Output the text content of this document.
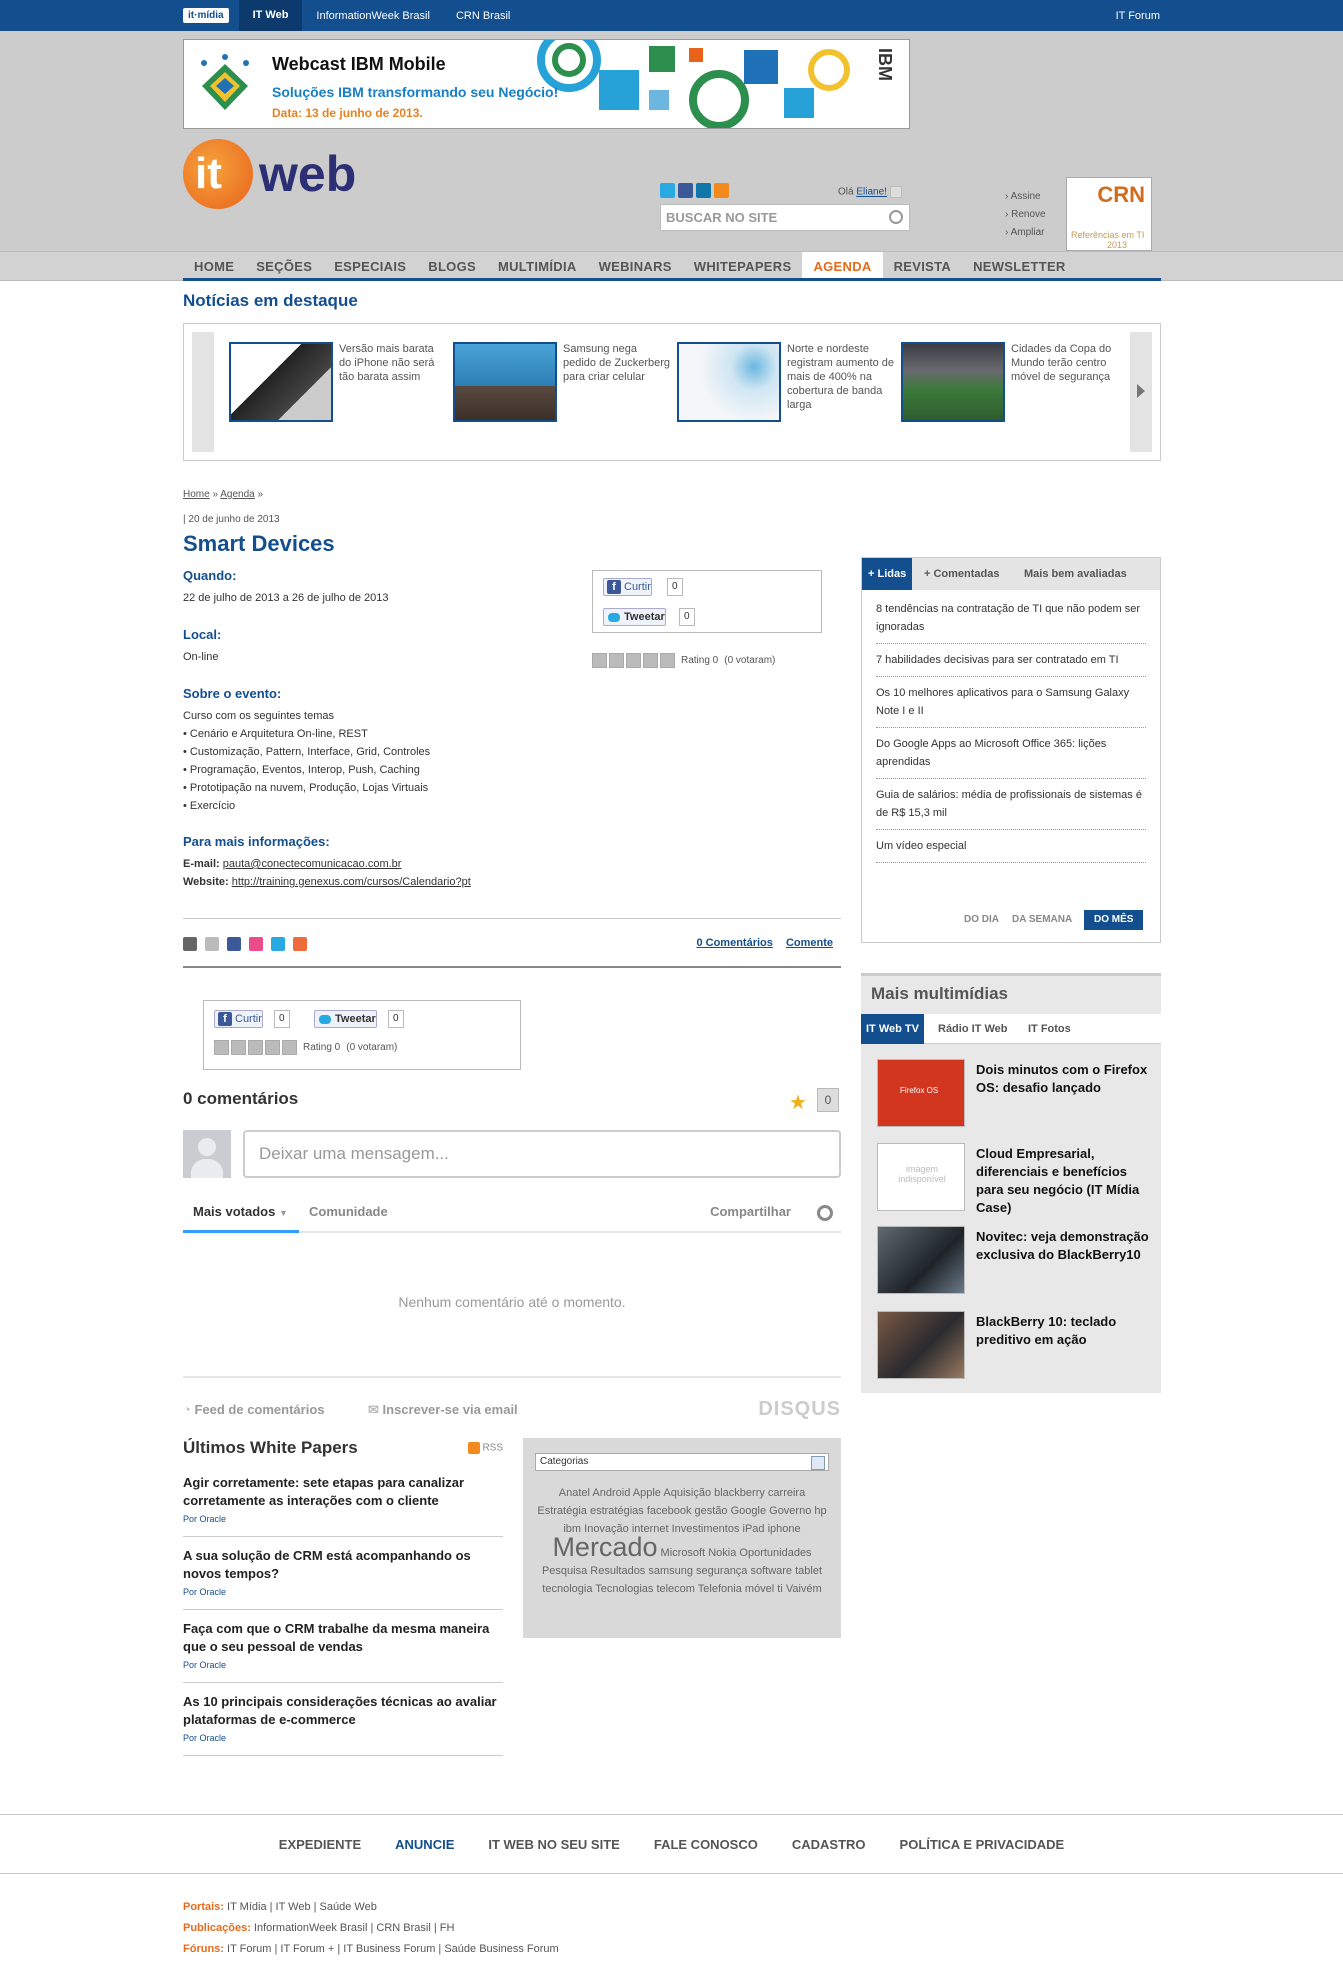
it·mídia	IT Web	InformationWeek Brasil CRN Brasil	IT Forum
Webcast IBM Mobile
Soluções IBM transformando seu Negócio!
Data: 13 de junho de 2013.
IBM
it web	Olá Eliane!
BUSCAR NO SITE
› Assine
› Renove
› Ampliar
CRN
Referências em TI
2013
HOME	SEÇÕES	ESPECIAIS	BLOGS	MULTIMÍDIA	WEBINARS	WHITEPAPERS	AGENDA	REVISTA	NEWSLETTER
Notícias em destaque
Versão mais barata do iPhone não será tão barata assim
Samsung nega pedido de Zuckerberg para criar celular
Norte e nordeste registram aumento de mais de 400% na cobertura de banda larga
Cidades da Copa do Mundo terão centro móvel de segurança
Home » Agenda »
| 20 de junho de 2013
Smart Devices
Quando:
22 de julho de 2013 a 26 de julho de 2013
Local:
On-line
Sobre o evento:
Curso com os seguintes temas
• Cenário e Arquitetura On-line, REST
• Customização, Pattern, Interface, Grid, Controles
• Programação, Eventos, Interop, Push, Caching
• Prototipação na nuvem, Produção, Lojas Virtuais
• Exercício
Para mais informações:
E-mail: pauta@conectecomunicacao.com.br
Website: http://training.genexus.com/cursos/Calendario?pt
f Curtir	0
Tweetar	0
Rating 0 (0 votaram)
0 Comentários Comente
f Curtir	0	Tweetar	0
Rating 0 (0 votaram)
0 comentários	★	0
Deixar uma mensagem...
Mais votados ▼	Comunidade	Compartilhar
Nenhum comentário até o momento.
◔ Feed de comentários	✉ Inscrever-se via email	DISQUS
Últimos White Papers	RSS
Agir corretamente: sete etapas para canalizar corretamente as interações com o cliente
Por Oracle
A sua solução de CRM está acompanhando os novos tempos?
Por Oracle
Faça com que o CRM trabalhe da mesma maneira que o seu pessoal de vendas
Por Oracle
As 10 principais considerações técnicas ao avaliar plataformas de e-commerce
Por Oracle
Categorias
Anatel Android Apple Aquisição blackberry carreira Estratégia estratégias facebook gestão Google Governo hp ibm Inovação internet Investimentos iPad iphone Mercado Microsoft Nokia Oportunidades Pesquisa Resultados samsung segurança software tablet tecnologia Tecnologias telecom Telefonia móvel ti Vaivém
+ Lidas	+ Comentadas	Mais bem avaliadas
8 tendências na contratação de TI que não podem ser ignoradas
7 habilidades decisivas para ser contratado em TI
Os 10 melhores aplicativos para o Samsung Galaxy Note I e II
Do Google Apps ao Microsoft Office 365: lições aprendidas
Guia de salários: média de profissionais de sistemas é de R$ 15,3 mil
Um vídeo especial
DO DIA DA SEMANA	DO MÊS
Mais multimídias
IT Web TV	Rádio IT Web	IT Fotos
Firefox OS
Dois minutos com o Firefox OS: desafio lançado
imagem indisponível
Cloud Empresarial, diferenciais e benefícios para seu negócio (IT Mídia Case)
Novitec: veja demonstração exclusiva do BlackBerry10
BlackBerry 10: teclado preditivo em ação
EXPEDIENTE	ANUNCIE	IT WEB NO SEU SITE	FALE CONOSCO	CADASTRO	POLÍTICA E PRIVACIDADE
Portais: IT Mídia | IT Web | Saúde Web
Publicações: InformationWeek Brasil | CRN Brasil | FH
Fóruns: IT Forum | IT Forum + | IT Business Forum | Saúde Business Forum
